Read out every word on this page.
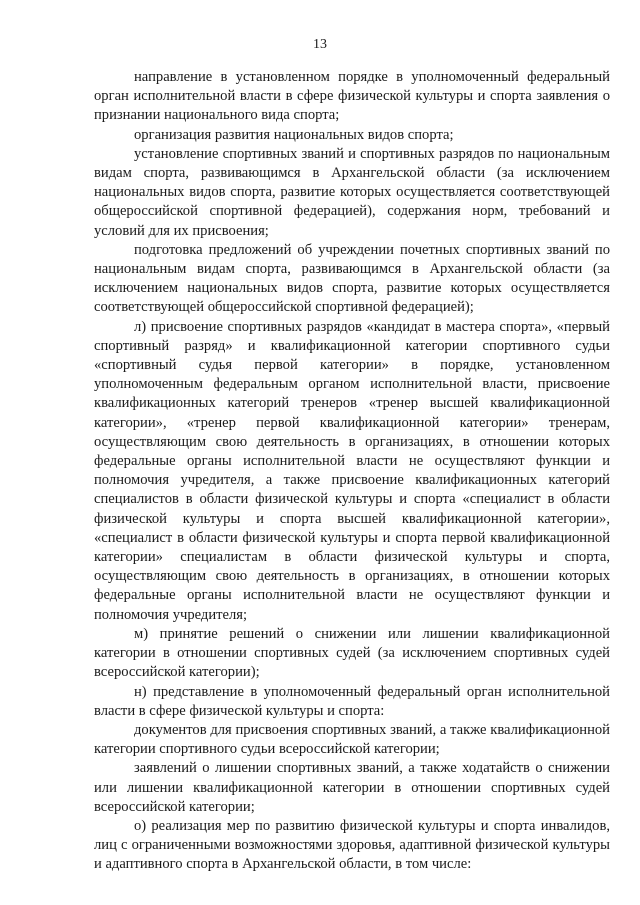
13

направление в установленном порядке в уполномоченный федеральный орган исполнительной власти в сфере физической культуры и спорта заявления о признании национального вида спорта;

организация развития национальных видов спорта;

установление спортивных званий и спортивных разрядов по национальным видам спорта, развивающимся в Архангельской области (за исключением национальных видов спорта, развитие которых осуществляется соответствующей общероссийской спортивной федерацией), содержания норм, требований и условий для их присвоения;

подготовка предложений об учреждении почетных спортивных званий по национальным видам спорта, развивающимся в Архангельской области (за исключением национальных видов спорта, развитие которых осуществляется соответствующей общероссийской спортивной федерацией);

л) присвоение спортивных разрядов «кандидат в мастера спорта», «первый спортивный разряд» и квалификационной категории спортивного судьи «спортивный судья первой категории» в порядке, установленном уполномоченным федеральным органом исполнительной власти, присвоение квалификационных категорий тренеров «тренер высшей квалификационной категории», «тренер первой квалификационной категории» тренерам, осуществляющим свою деятельность в организациях, в отношении которых федеральные органы исполнительной власти не осуществляют функции и полномочия учредителя, а также присвоение квалификационных категорий специалистов в области физической культуры и спорта «специалист в области физической культуры и спорта высшей квалификационной категории», «специалист в области физической культуры и спорта первой квалификационной категории» специалистам в области физической культуры и спорта, осуществляющим свою деятельность в организациях, в отношении которых федеральные органы исполнительной власти не осуществляют функции и полномочия учредителя;

м) принятие решений о снижении или лишении квалификационной категории в отношении спортивных судей (за исключением спортивных судей всероссийской категории);

н) представление в уполномоченный федеральный орган исполнительной власти в сфере физической культуры и спорта:

документов для присвоения спортивных званий, а также квалификационной категории спортивного судьи всероссийской категории;

заявлений о лишении спортивных званий, а также ходатайств о снижении или лишении квалификационной категории в отношении спортивных судей всероссийской категории;

о) реализация мер по развитию физической культуры и спорта инвалидов, лиц с ограниченными возможностями здоровья, адаптивной физической культуры и адаптивного спорта в Архангельской области, в том числе:
